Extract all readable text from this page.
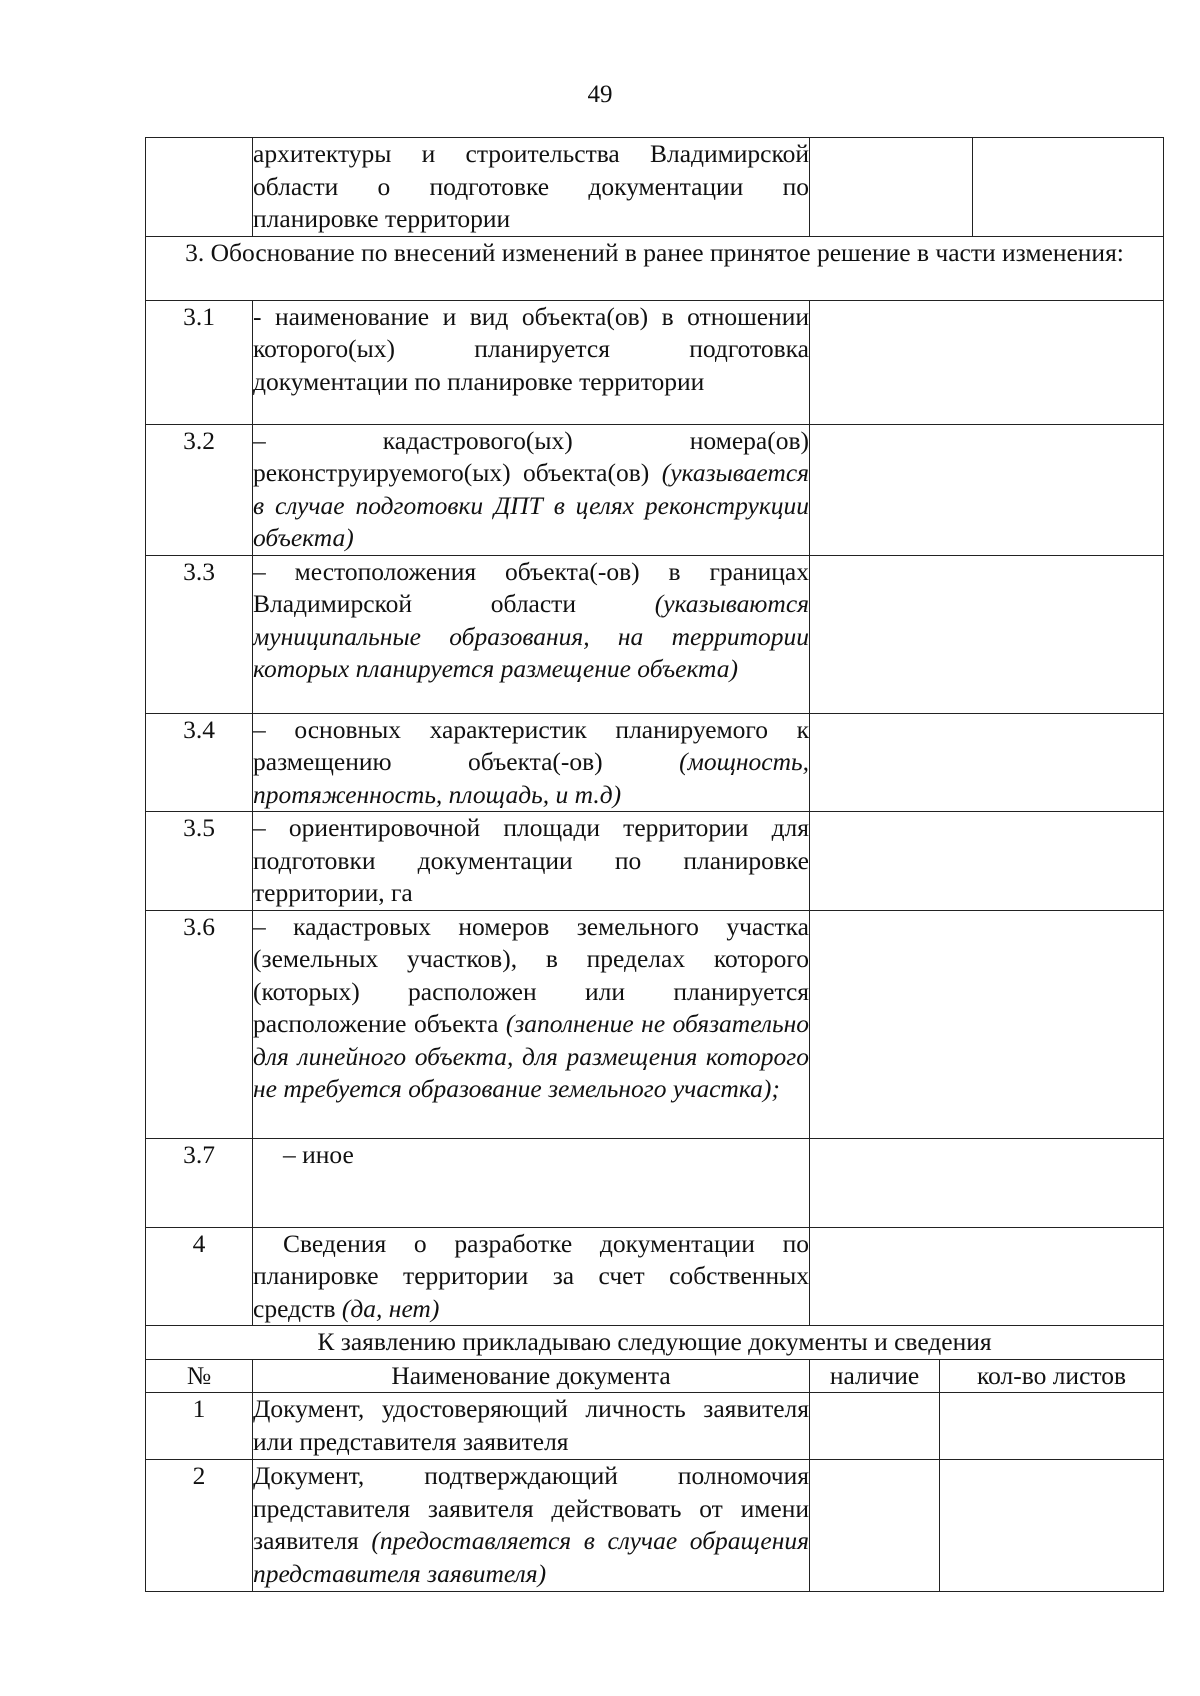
49
	архитектуры и строительства Владимирской области о подготовке документации по планировке территории			
3. Обоснование по внесений изменений в ранее принятое решение в части изменения:				
3.1	- наименование и вид объекта(ов) в отношении которого(ых) планируется подготовка документации по планировке территории			
3.2	– кадастрового(ых) номера(ов) реконструируемого(ых) объекта(ов) (указывается в случае подготовки ДПТ в целях реконструкции объекта)			
3.3	– местоположения объекта(-ов) в границах Владимирской области (указываются муниципальные образования, на территории которых планируется размещение объекта)			
3.4	– основных характеристик планируемого к размещению объекта(-ов) (мощность, протяженность, площадь, и т.д)			
3.5	– ориентировочной площади территории для подготовки документации по планировке территории, га			
3.6	– кадастровых номеров земельного участка (земельных участков), в пределах которого (которых) расположен или планируется расположение объекта (заполнение не обязательно для линейного объекта, для размещения которого не требуется образование земельного участка);			
3.7	– иное			
4	Сведения о разработке документации по планировке территории за счет собственных средств (да, нет)			
К заявлению прикладываю следующие документы и сведения				
№	Наименование документа	наличие	кол-во листов	
1	Документ, удостоверяющий личность заявителя или представителя заявителя			
2	Документ, подтверждающий полномочия представителя заявителя действовать от имени заявителя (предоставляется в случае обращения представителя заявителя)			
